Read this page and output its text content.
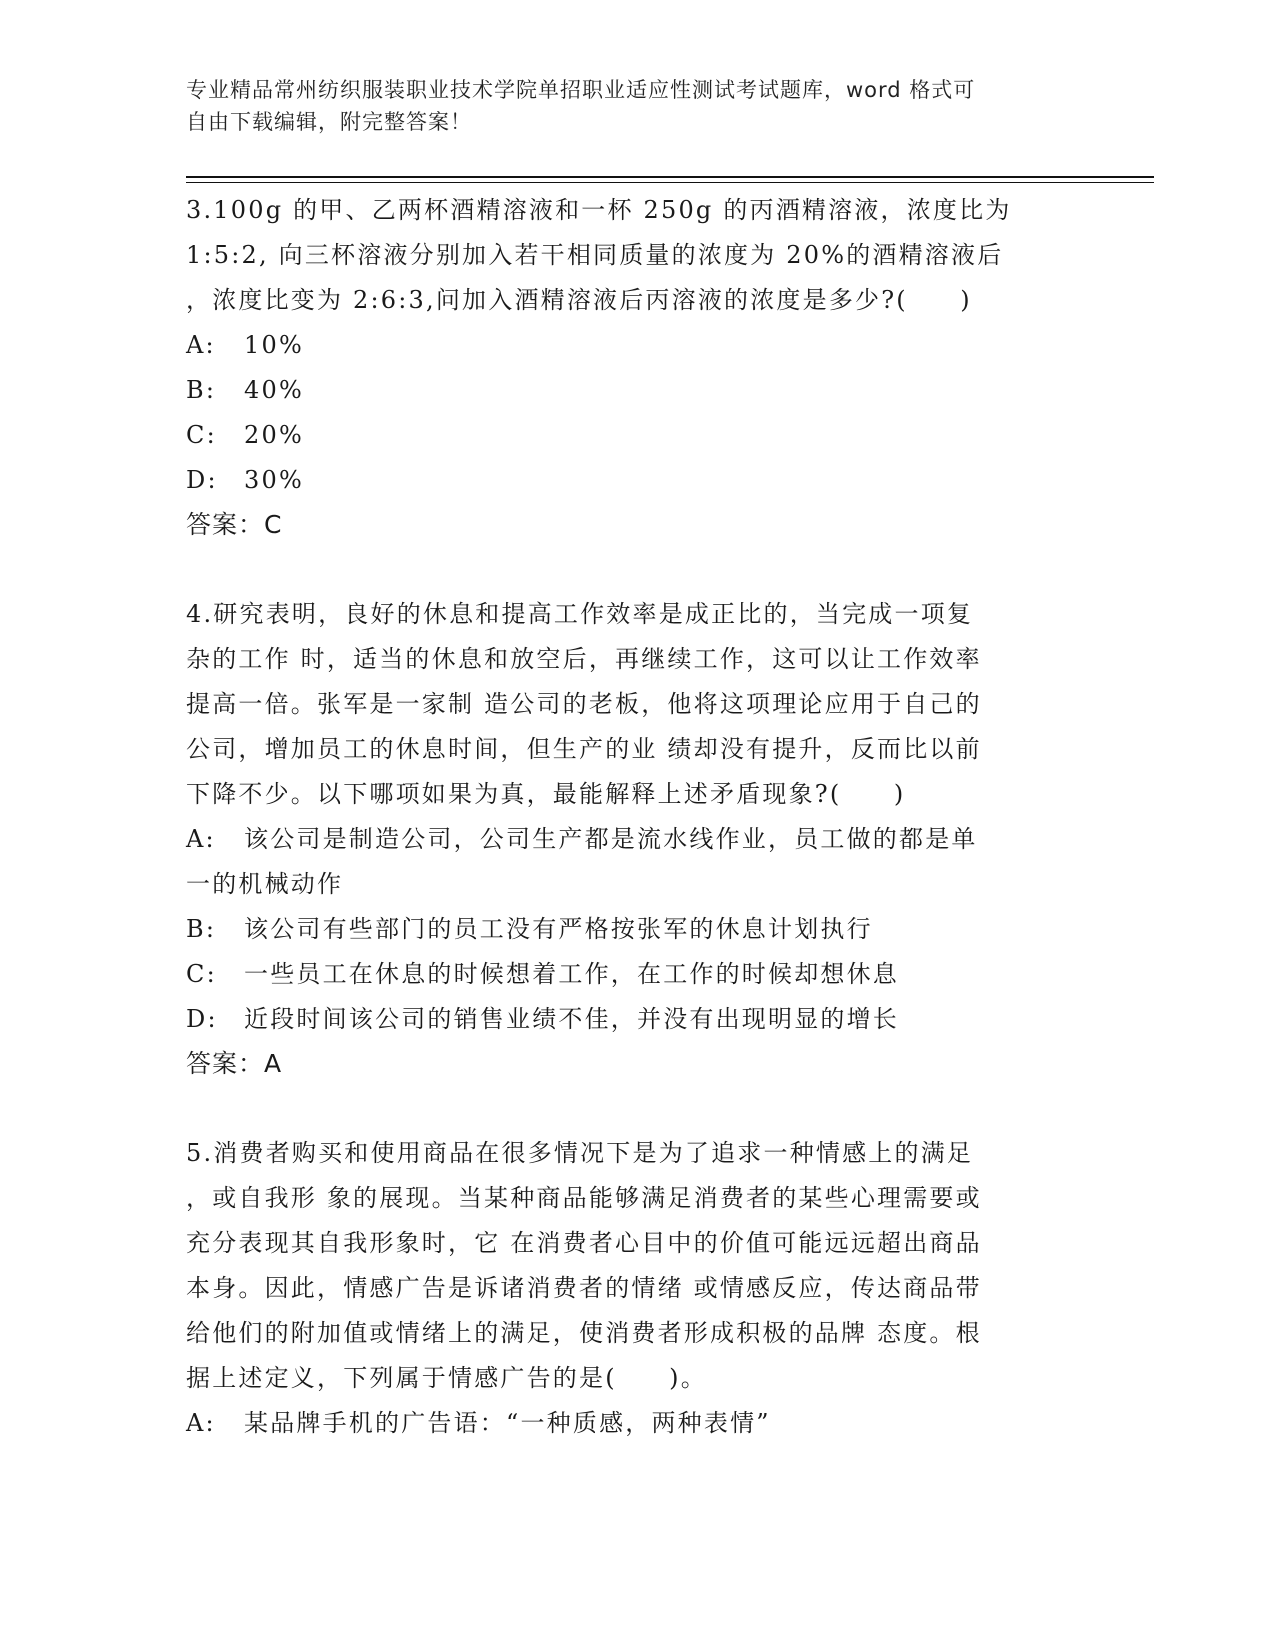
专业精品常州纺织服装职业技术学院单招职业适应性测试考试题库，word 格式可
自由下载编辑，附完整答案！

3.100g 的甲、乙两杯酒精溶液和一杯 250g 的丙酒精溶液，浓度比为

1:5:2, 向三杯溶液分别加入若干相同质量的浓度为 20%的酒精溶液后

，浓度比变为 2:6:3,问加入酒精溶液后丙溶液的浓度是多少?(　　)

A:	10%
B:	40%
C:	20%
D:	30%

答案：C

4.研究表明，良好的休息和提高工作效率是成正比的，当完成一项复

杂的工作 时，适当的休息和放空后，再继续工作，这可以让工作效率

提高一倍。张军是一家制 造公司的老板，他将这项理论应用于自己的

公司，增加员工的休息时间，但生产的业 绩却没有提升，反而比以前

下降不少。以下哪项如果为真，最能解释上述矛盾现象?(　　)

A:	该公司是制造公司，公司生产都是流水线作业，员工做的都是单

一的机械动作

B:	该公司有些部门的员工没有严格按张军的休息计划执行
C:	一些员工在休息的时候想着工作，在工作的时候却想休息
D:	近段时间该公司的销售业绩不佳，并没有出现明显的增长

答案：A

5.消费者购买和使用商品在很多情况下是为了追求一种情感上的满足

，或自我形 象的展现。当某种商品能够满足消费者的某些心理需要或

充分表现其自我形象时，它 在消费者心目中的价值可能远远超出商品

本身。因此，情感广告是诉诸消费者的情绪 或情感反应，传达商品带

给他们的附加值或情绪上的满足，使消费者形成积极的品牌 态度。根

据上述定义，下列属于情感广告的是(　　)。

A:	某品牌手机的广告语：“一种质感，两种表情”
